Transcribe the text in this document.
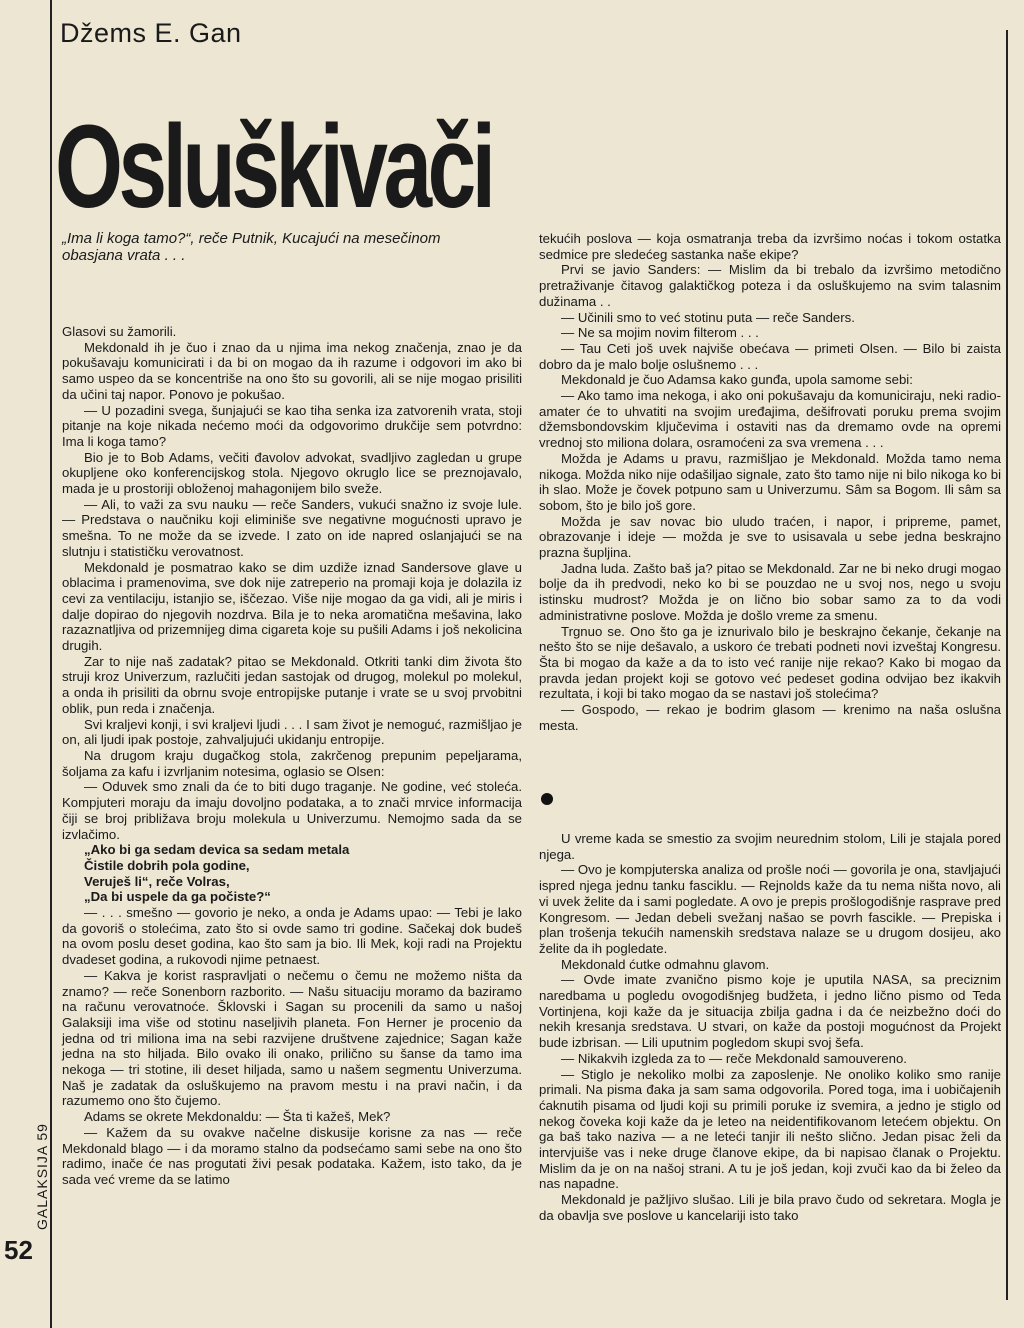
Džems E. Gan
Osluškivači
„Ima li koga tamo?“, reče Putnik, Kucajući na mesečinom obasjana vrata . . .
GALAKSIJA 59
52

Glasovi su žamorili.

Mekdonald ih je čuo i znao da u njima ima nekog značenja, znao je da pokušavaju komunicirati i da bi on mogao da ih razume i odgovori im ako bi samo uspeo da se koncentriše na ono što su govorili, ali se nije mogao prisiliti da učini taj napor. Ponovo je pokušao.

— U pozadini svega, šunjajući se kao tiha senka iza zatvorenih vrata, stoji pitanje na koje nikada nećemo moći da odgovorimo drukčije sem potvrdno: Ima li koga tamo?

Bio je to Bob Adams, večiti đavolov advokat, svadljivo zagledan u grupe okupljene oko konferencijskog stola. Njegovo okruglo lice se preznojavalo, mada je u prostoriji obloženoj mahagonijem bilo sveže.

— Ali, to važi za svu nauku — reče Sanders, vukući snažno iz svoje lule. — Predstava o naučniku koji eliminiše sve negativne mogućnosti upravo je smešna. To ne može da se izvede. I zato on ide napred oslanjajući se na slutnju i statističku verovatnost.

Mekdonald je posmatrao kako se dim uzdiže iznad Sandersove glave u oblacima i pramenovima, sve dok nije zatreperio na promaji koja je dolazila iz cevi za ventilaciju, istanjio se, iščezao. Više nije mogao da ga vidi, ali je miris i dalje dopirao do njegovih nozdrva. Bila je to neka aromatična mešavina, lako razaznatljiva od prizemnijeg dima cigareta koje su pušili Adams i još nekolicina drugih.

Zar to nije naš zadatak? pitao se Mekdonald. Otkriti tanki dim života što struji kroz Univerzum, razlučiti jedan sastojak od drugog, molekul po molekul, a onda ih prisiliti da obrnu svoje entropijske putanje i vrate se u svoj prvobitni oblik, pun reda i značenja.

Svi kraljevi konji, i svi kraljevi ljudi . . . I sam život je nemoguć, razmišljao je on, ali ljudi ipak postoje, zahvaljujući ukidanju entropije.

Na drugom kraju dugačkog stola, zakrčenog prepunim pepeljarama, šoljama za kafu i izvrljanim notesima, oglasio se Olsen:

— Oduvek smo znali da će to biti dugo traganje. Ne godine, već stoleća. Kompjuteri moraju da imaju dovoljno podataka, a to znači mrvice informacija čiji se broj približava broju molekula u Univerzumu. Nemojmo sada da se izvlačimo.

„Ako bi ga sedam devica sa sedam metala

Čistile dobrih pola godine,

Veruješ li“, reče Volras,

„Da bi uspele da ga počiste?“

— . . . smešno — govorio je neko, a onda je Adams upao: — Tebi je lako da govoriš o stolećima, zato što si ovde samo tri godine. Sačekaj dok budeš na ovom poslu deset godina, kao što sam ja bio. Ili Mek, koji radi na Projektu dvadeset godina, a rukovodi njime petnaest.

— Kakva je korist raspravljati o nečemu o čemu ne možemo ništa da znamo? — reče Sonenborn razborito. — Našu situaciju moramo da baziramo na računu verovatnoće. Šklovski i Sagan su procenili da samo u našoj Galaksiji ima više od stotinu naseljivih planeta. Fon Herner je procenio da jedna od tri miliona ima na sebi razvijene društvene zajednice; Sagan kaže jedna na sto hiljada. Bilo ovako ili onako, prilično su šanse da tamo ima nekoga — tri stotine, ili deset hiljada, samo u našem segmentu Univerzuma. Naš je zadatak da osluškujemo na pravom mestu i na pravi način, i da razumemo ono što čujemo.

Adams se okrete Mekdonaldu: — Šta ti kažeš, Mek?

— Kažem da su ovakve načelne diskusije korisne za nas — reče Mekdonald blago — i da moramo stalno da podsećamo sami sebe na ono što radimo, inače će nas progutati živi pesak podataka. Kažem, isto tako, da je sada već vreme da se latimo

tekućih poslova — koja osmatranja treba da izvršimo noćas i tokom ostatka sedmice pre sledećeg sastanka naše ekipe?

Prvi se javio Sanders: — Mislim da bi trebalo da izvršimo metodično pretraživanje čitavog galaktičkog poteza i da osluškujemo na svim talasnim dužinama . .

— Učinili smo to već stotinu puta — reče Sanders.

— Ne sa mojim novim filterom . . .

— Tau Ceti još uvek najviše obećava — primeti Olsen. — Bilo bi zaista dobro da je malo bolje oslušnemo . . .

Mekdonald je čuo Adamsa kako gunđa, upola samome sebi:

— Ako tamo ima nekoga, i ako oni pokušavaju da komuniciraju, neki radio-amater će to uhvatiti na svojim uređajima, dešifrovati poruku prema svojim džemsbondovskim ključevima i ostaviti nas da dremamo ovde na opremi vrednoj sto miliona dolara, osramoćeni za sva vremena . . .

Možda je Adams u pravu, razmišljao je Mekdonald. Možda tamo nema nikoga. Možda niko nije odašiljao signale, zato što tamo nije ni bilo nikoga ko bi ih slao. Može je čovek potpuno sam u Univerzumu. Sâm sa Bogom. Ili sâm sa sobom, što je bilo još gore.

Možda je sav novac bio uludo traćen, i napor, i pripreme, pamet, obrazovanje i ideje — možda je sve to usisavala u sebe jedna beskrajno prazna šupljina.

Jadna luda. Zašto baš ja? pitao se Mekdonald. Zar ne bi neko drugi mogao bolje da ih predvodi, neko ko bi se pouzdao ne u svoj nos, nego u svoju istinsku mudrost? Možda je on lično bio sobar samo za to da vodi administrativne poslove. Možda je došlo vreme za smenu.

Trgnuo se. Ono što ga je iznurivalo bilo je beskrajno čekanje, čekanje na nešto što se nije dešavalo, a uskoro će trebati podneti novi izveštaj Kongresu. Šta bi mogao da kaže a da to isto već ranije nije rekao? Kako bi mogao da pravda jedan projekt koji se gotovo već pedeset godina odvijao bez ikakvih rezultata, i koji bi tako mogao da se nastavi još stolećima?

— Gospodo, — rekao je bodrim glasom — krenimo na naša oslušna mesta.

U vreme kada se smestio za svojim neurednim stolom, Lili je stajala pored njega.

— Ovo je kompjuterska analiza od prošle noći — govorila je ona, stavljajući ispred njega jednu tanku fasciklu. — Rejnolds kaže da tu nema ništa novo, ali vi uvek želite da i sami pogledate. A ovo je prepis prošlogodišnje rasprave pred Kongresom. — Jedan debeli svežanj našao se povrh fascikle. — Prepiska i plan trošenja tekućih namenskih sredstava nalaze se u drugom dosijeu, ako želite da ih pogledate.

Mekdonald ćutke odmahnu glavom.

— Ovde imate zvanično pismo koje je uputila NASA, sa preciznim naredbama u pogledu ovogodišnjeg budžeta, i jedno lično pismo od Teda Vortinjena, koji kaže da je situacija zbilja gadna i da će neizbežno doći do nekih kresanja sredstava. U stvari, on kaže da postoji mogućnost da Projekt bude izbrisan. — Lili uputnim pogledom skupi svoj šefa.

— Nikakvih izgleda za to — reče Mekdonald samouvereno.

— Stiglo je nekoliko molbi za zaposlenje. Ne onoliko koliko smo ranije primali. Na pisma đaka ja sam sama odgovorila. Pored toga, ima i uobičajenih ćaknutih pisama od ljudi koji su primili poruke iz svemira, a jedno je stiglo od nekog čoveka koji kaže da je leteo na neidentifikovanom letećem objektu. On ga baš tako naziva — a ne leteći tanjir ili nešto slično. Jedan pisac želi da intervjuiše vas i neke druge članove ekipe, da bi napisao članak o Projektu. Mislim da je on na našoj strani. A tu je još jedan, koji zvuči kao da bi želeo da nas napadne.

Mekdonald je pažljivo slušao. Lili je bila pravo čudo od sekretara. Mogla je da obavlja sve poslove u kancelariji isto tako
